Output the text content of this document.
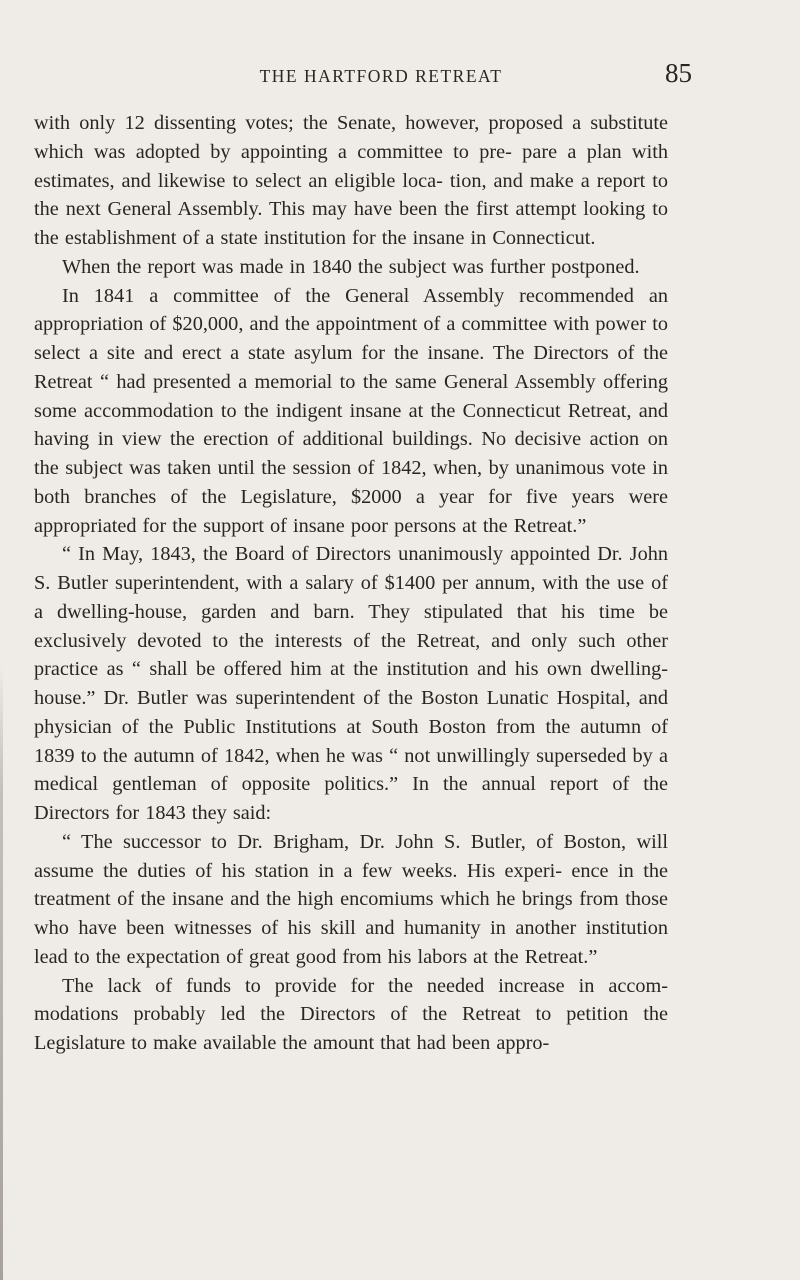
THE HARTFORD RETREAT	85

with only 12 dissenting votes; the Senate, however, proposed a substitute which was adopted by appointing a committee to pre- pare a plan with estimates, and likewise to select an eligible loca- tion, and make a report to the next General Assembly. This may have been the first attempt looking to the establishment of a state institution for the insane in Connecticut.

When the report was made in 1840 the subject was further postponed.

In 1841 a committee of the General Assembly recommended an appropriation of $20,000, and the appointment of a committee with power to select a site and erect a state asylum for the insane. The Directors of the Retreat “ had presented a memorial to the same General Assembly offering some accommodation to the indigent insane at the Connecticut Retreat, and having in view the erection of additional buildings. No decisive action on the subject was taken until the session of 1842, when, by unanimous vote in both branches of the Legislature, $2000 a year for five years were appropriated for the support of insane poor persons at the Retreat.”

“ In May, 1843, the Board of Directors unanimously appointed Dr. John S. Butler superintendent, with a salary of $1400 per annum, with the use of a dwelling-house, garden and barn. They stipulated that his time be exclusively devoted to the interests of the Retreat, and only such other practice as “ shall be offered him at the institution and his own dwelling-house.” Dr. Butler was superintendent of the Boston Lunatic Hospital, and physician of the Public Institutions at South Boston from the autumn of 1839 to the autumn of 1842, when he was “ not unwillingly superseded by a medical gentleman of opposite politics.” In the annual report of the Directors for 1843 they said:

“ The successor to Dr. Brigham, Dr. John S. Butler, of Boston, will assume the duties of his station in a few weeks. His experi- ence in the treatment of the insane and the high encomiums which he brings from those who have been witnesses of his skill and humanity in another institution lead to the expectation of great good from his labors at the Retreat.”

The lack of funds to provide for the needed increase in accom- modations probably led the Directors of the Retreat to petition the Legislature to make available the amount that had been appro-
